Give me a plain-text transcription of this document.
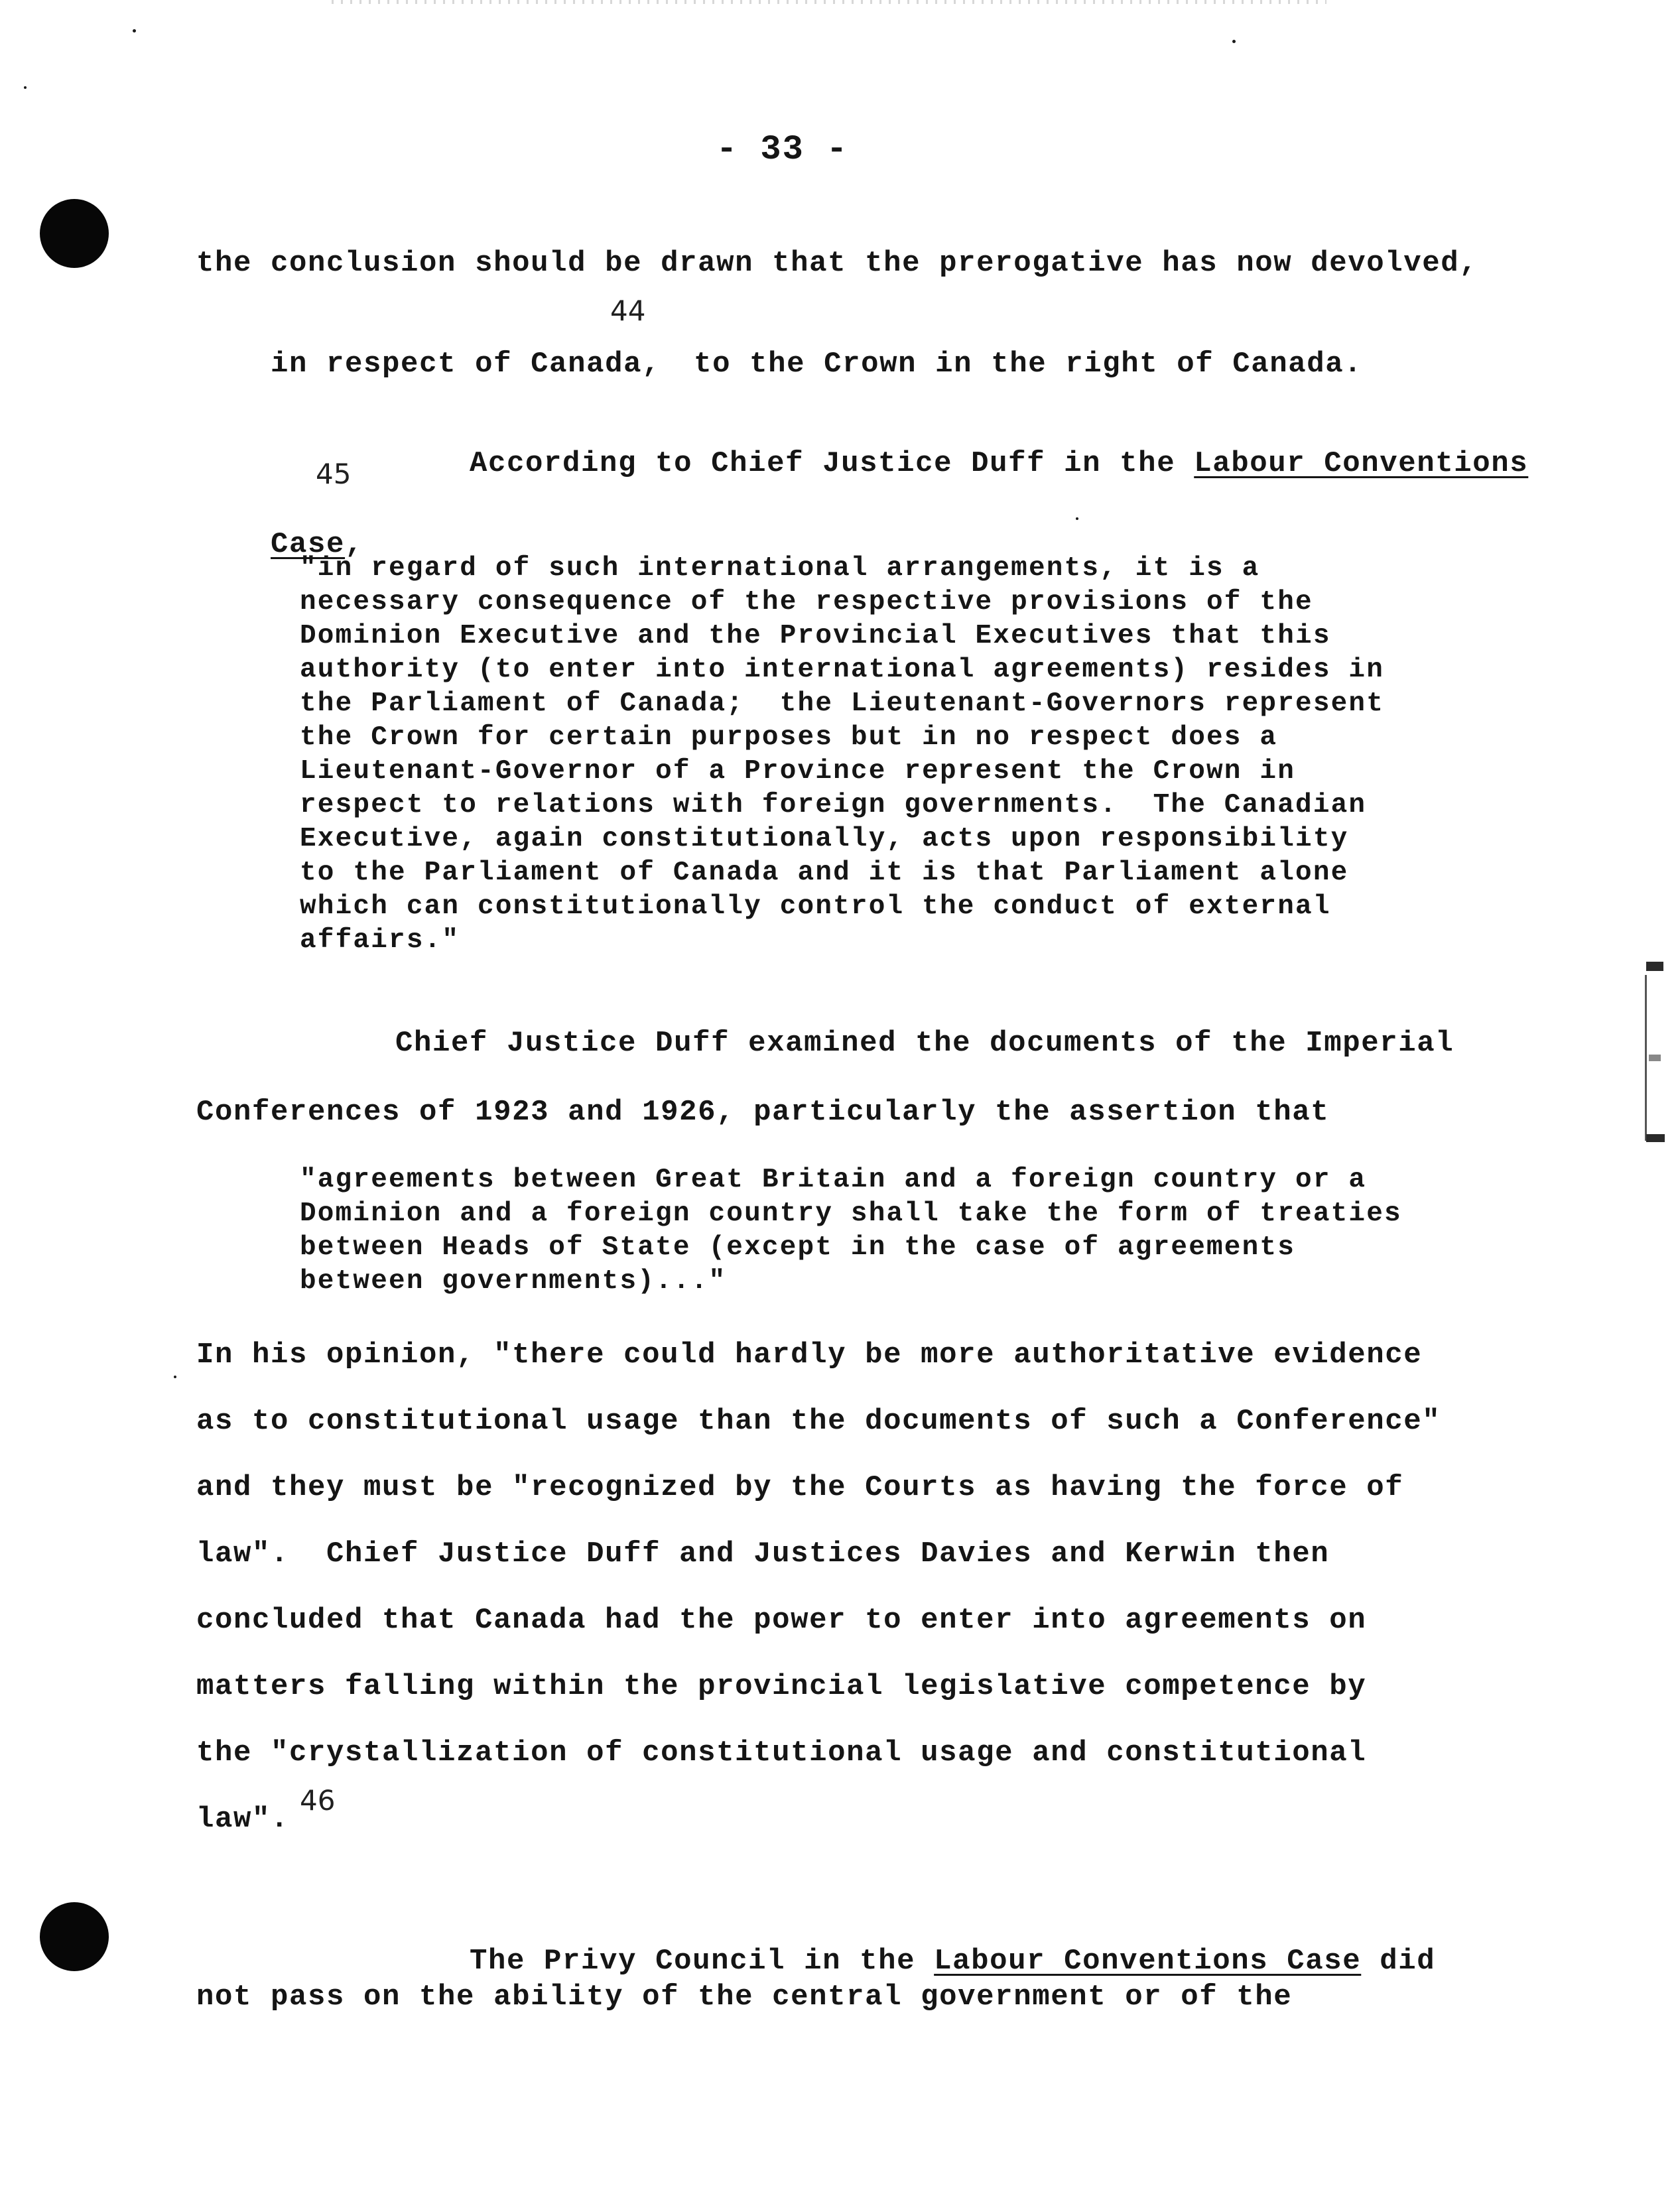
- 33 -
the conclusion should be drawn that the prerogative has now devolved,

in respect of Canada, to the Crown in the right of Canada.

44

According to Chief Justice Duff in the Labour Conventions

45

Case,

"in regard of such international arrangements, it is a
necessary consequence of the respective provisions of the
Dominion Executive and the Provincial Executives that this
authority (to enter into international agreements) resides in
the Parliament of Canada;  the Lieutenant-Governors represent
the Crown for certain purposes but in no respect does a
Lieutenant-Governor of a Province represent the Crown in
respect to relations with foreign governments.  The Canadian
Executive, again constitutionally, acts upon responsibility
to the Parliament of Canada and it is that Parliament alone
which can constitutionally control the conduct of external
affairs."
Chief Justice Duff examined the documents of the Imperial
Conferences of 1923 and 1926, particularly the assertion that
"agreements between Great Britain and a foreign country or a
Dominion and a foreign country shall take the form of treaties
between Heads of State (except in the case of agreements
between governments)..."
In his opinion, "there could hardly be more authoritative evidence
as to constitutional usage than the documents of such a Conference"
and they must be "recognized by the Courts as having the force of
law".  Chief Justice Duff and Justices Davies and Kerwin then
concluded that Canada had the power to enter into agreements on
matters falling within the provincial legislative competence by
the "crystallization of constitutional usage and constitutional
law".
46

The Privy Council in the Labour Conventions Case did

not pass on the ability of the central government or of the
